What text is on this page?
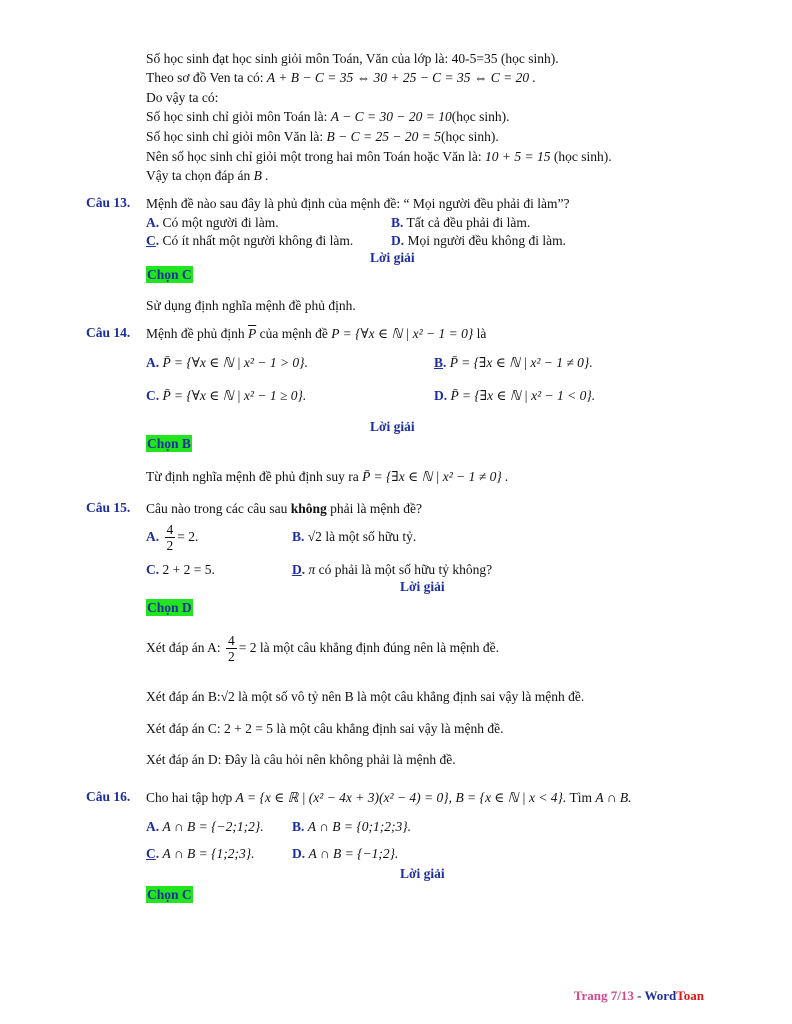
Số học sinh đạt học sinh giỏi môn Toán, Văn của lớp là: 40-5=35 (học sinh).
Theo sơ đồ Ven ta có: A + B − C = 35 ⇔ 30 + 25 − C = 35 ⇔ C = 20 .
Do vậy ta có:
Số học sinh chỉ giỏi môn Toán là: A − C = 30 − 20 = 10(học sinh).
Số học sinh chỉ giỏi môn Văn là: B − C = 25 − 20 = 5(học sinh).
Nên số học sinh chỉ giỏi một trong hai môn Toán hoặc Văn là: 10 + 5 = 15 (học sinh).
Vậy ta chọn đáp án B .
Câu 13. Mệnh đề nào sau đây là phủ định của mệnh đề: “ Mọi người đều phải đi làm”?
A. Có một người đi làm.	B. Tất cả đều phải đi làm.
C. Có ít nhất một người không đi làm.	D. Mọi người đều không đi làm.
Lời giải
Chọn C
Sử dụng định nghĩa mệnh đề phủ định.
Câu 14. Mệnh đề phủ định $\overline{P}$ của mệnh đề P = {∀x ∈ ℕ | x² − 1 = 0} là
A. P̄ = {∀x ∈ ℕ | x² − 1 > 0}.	B. P̄ = {∃x ∈ ℕ | x² − 1 ≠ 0}.
C. P̄ = {∀x ∈ ℕ | x² − 1 ≥ 0}.	D. P̄ = {∃x ∈ ℕ | x² − 1 < 0}.
Lời giải
Chọn B
Từ định nghĩa mệnh đề phủ định suy ra P̄ = {∃x ∈ ℕ | x² − 1 ≠ 0} .
Câu 15. Câu nào trong các câu sau không phải là mệnh đề?
A. $\frac{4}{2} = 2$.	B. √2 là một số hữu tỷ.
C. 2 + 2 = 5.	D. π có phải là một số hữu tỷ không?
Lời giải
Chọn D
Xét đáp án A: $\frac{4}{2} = 2$ là một câu khẳng định đúng nên là mệnh đề.
Xét đáp án B:√2 là một số vô tỷ nên B là một câu khẳng định sai vậy là mệnh đề.
Xét đáp án C: 2 + 2 = 5 là một câu khẳng định sai vậy là mệnh đề.
Xét đáp án D: Đây là câu hỏi nên không phải là mệnh đề.
Câu 16. Cho hai tập hợp A = {x ∈ ℝ | (x² − 4x + 3)(x² − 4) = 0}, B = {x ∈ ℕ | x < 4}. Tìm A ∩ B.
A. A ∩ B = {−2;1;2}. B. A ∩ B = {0;1;2;3}.
C. A ∩ B = {1;2;3}.	D. A ∩ B = {−1;2}.
Lời giải
Chọn C
Trang 7/13 - WordToan
